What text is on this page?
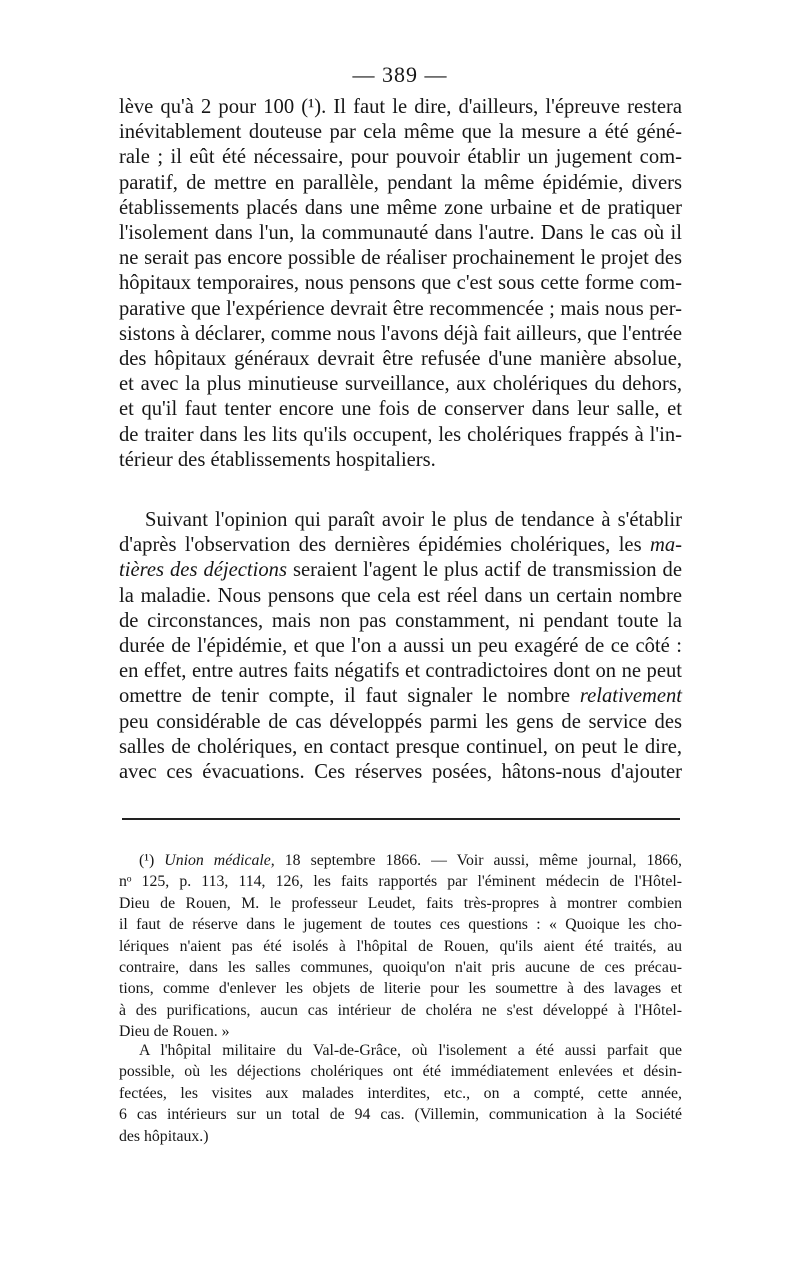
— 389 —
lève qu'à 2 pour 100 (¹). Il faut le dire, d'ailleurs, l'épreuve restera
inévitablement douteuse par cela même que la mesure a été géné-
rale ; il eût été nécessaire, pour pouvoir établir un jugement com-
paratif, de mettre en parallèle, pendant la même épidémie, divers
établissements placés dans une même zone urbaine et de pratiquer
l'isolement dans l'un, la communauté dans l'autre. Dans le cas où il
ne serait pas encore possible de réaliser prochainement le projet des
hôpitaux temporaires, nous pensons que c'est sous cette forme com-
parative que l'expérience devrait être recommencée ; mais nous per-
sistons à déclarer, comme nous l'avons déjà fait ailleurs, que l'entrée
des hôpitaux généraux devrait être refusée d'une manière absolue,
et avec la plus minutieuse surveillance, aux cholériques du dehors,
et qu'il faut tenter encore une fois de conserver dans leur salle, et
de traiter dans les lits qu'ils occupent, les cholériques frappés à l'in-
térieur des établissements hospitaliers.
Suivant l'opinion qui paraît avoir le plus de tendance à s'établir
d'après l'observation des dernières épidémies cholériques, les ma-
tières des déjections seraient l'agent le plus actif de transmission de
la maladie. Nous pensons que cela est réel dans un certain nombre
de circonstances, mais non pas constamment, ni pendant toute la
durée de l'épidémie, et que l'on a aussi un peu exagéré de ce côté :
en effet, entre autres faits négatifs et contradictoires dont on ne peut
omettre de tenir compte, il faut signaler le nombre relativement
peu considérable de cas développés parmi les gens de service des
salles de cholériques, en contact presque continuel, on peut le dire,
avec ces évacuations. Ces réserves posées, hâtons-nous d'ajouter
(¹) Union médicale, 18 septembre 1866. — Voir aussi, même journal, 1866,
nᵒ 125, p. 113, 114, 126, les faits rapportés par l'éminent médecin de l'Hôtel-
Dieu de Rouen, M. le professeur Leudet, faits très-propres à montrer combien
il faut de réserve dans le jugement de toutes ces questions : « Quoique les cho-
lériques n'aient pas été isolés à l'hôpital de Rouen, qu'ils aient été traités, au
contraire, dans les salles communes, quoiqu'on n'ait pris aucune de ces précau-
tions, comme d'enlever les objets de literie pour les soumettre à des lavages et
à des purifications, aucun cas intérieur de choléra ne s'est développé à l'Hôtel-
Dieu de Rouen. »
A l'hôpital militaire du Val-de-Grâce, où l'isolement a été aussi parfait que
possible, où les déjections cholériques ont été immédiatement enlevées et désin-
fectées, les visites aux malades interdites, etc., on a compté, cette année,
6 cas intérieurs sur un total de 94 cas. (Villemin, communication à la Société
des hôpitaux.)
